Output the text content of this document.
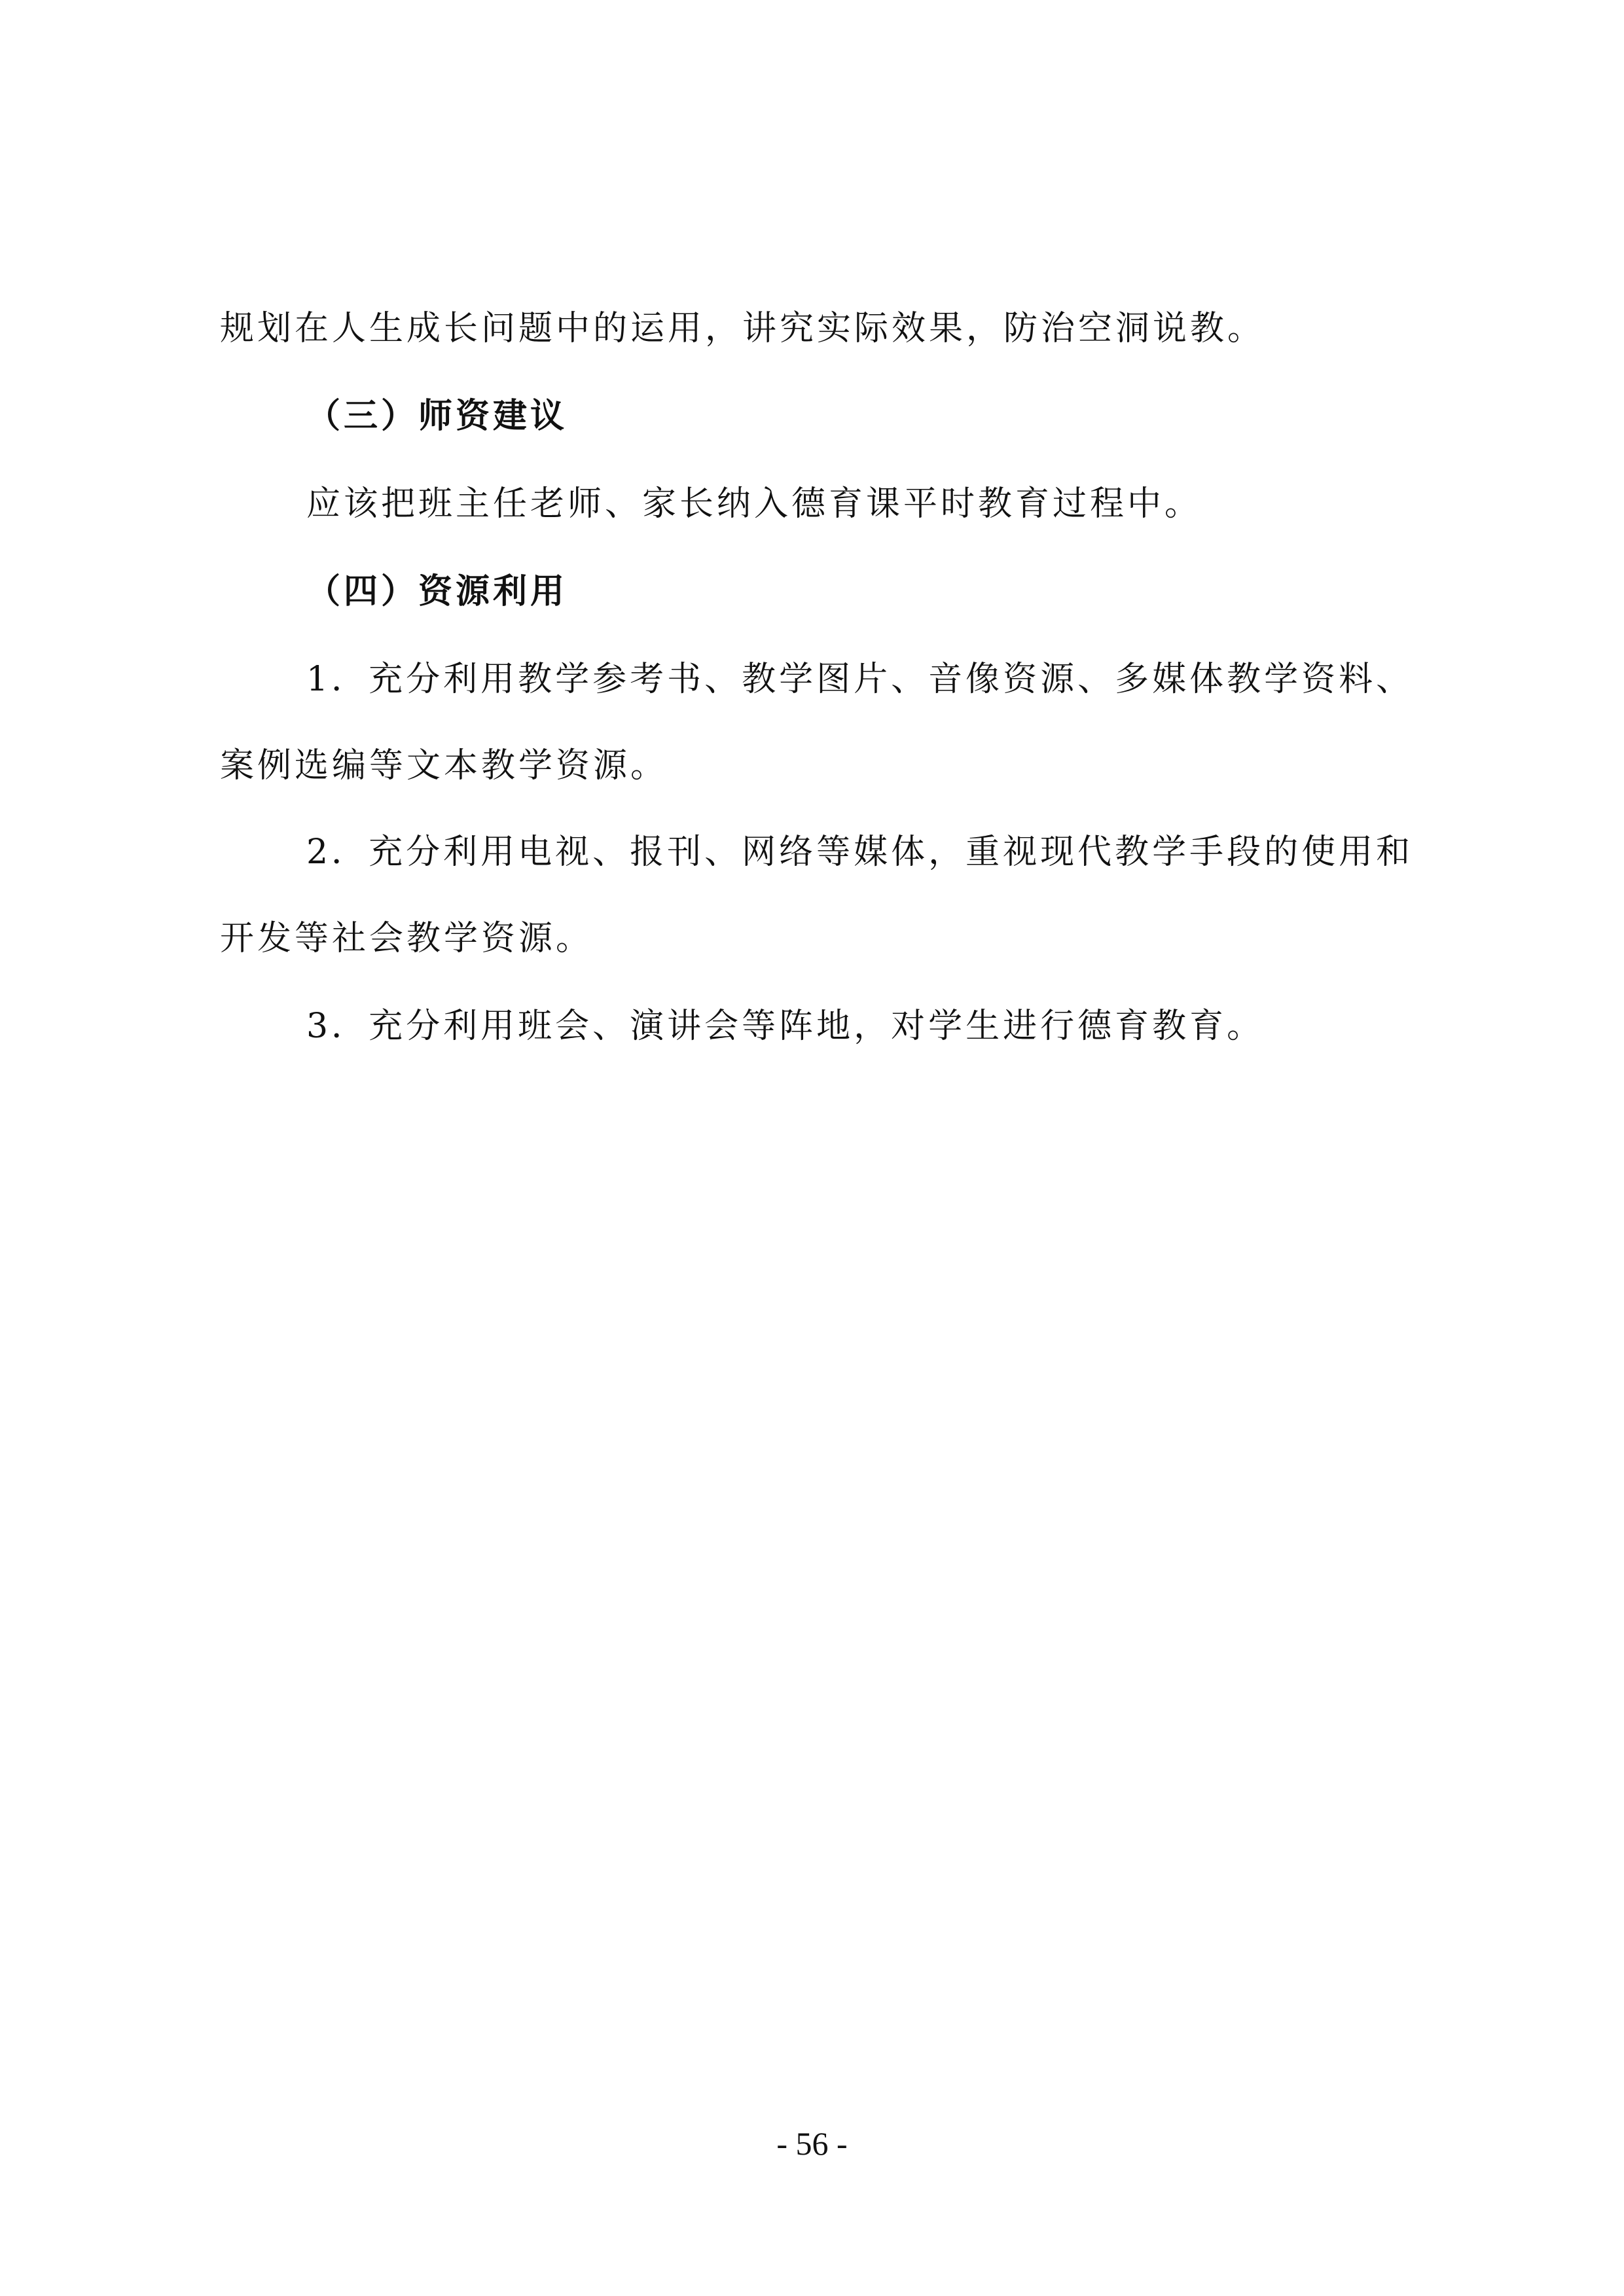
规划在人生成长问题中的运用，讲究实际效果，防治空洞说教。
（三）师资建议
应该把班主任老师、家长纳入德育课平时教育过程中。
（四）资源利用
1．充分利用教学参考书、教学图片、音像资源、多媒体教学资料、
案例选编等文本教学资源。
2．充分利用电视、报刊、网络等媒体，重视现代教学手段的使用和
开发等社会教学资源。
3．充分利用班会、演讲会等阵地，对学生进行德育教育。
- 56 -
